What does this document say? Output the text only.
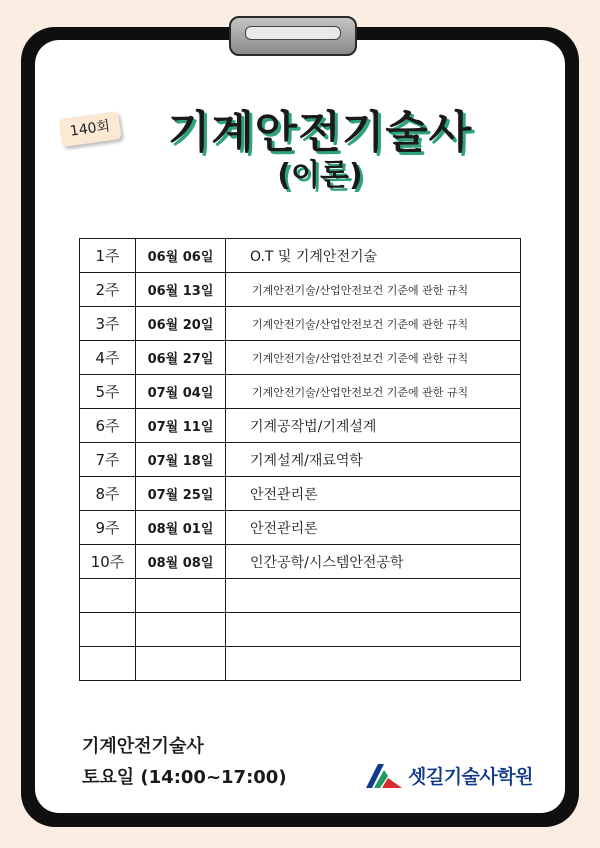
140회	기계안전기술사
(이론)
1주	06월 06일	O.T 및 기계안전기술
2주	06월 13일	기계안전기술/산업안전보건 기준에 관한 규칙
3주	06월 20일	기계안전기술/산업안전보건 기준에 관한 규칙
4주	06월 27일	기계안전기술/산업안전보건 기준에 관한 규칙
5주	07월 04일	기계안전기술/산업안전보건 기준에 관한 규칙
6주	07월 11일	기계공작법/기계설계
7주	07월 18일	기계설계/재료역학
8주	07월 25일	안전관리론
9주	08월 01일	안전관리론
10주	08월 08일	인간공학/시스템안전공학

기계안전기술사
토요일 (14:00~17:00)	셋길기술사학원
